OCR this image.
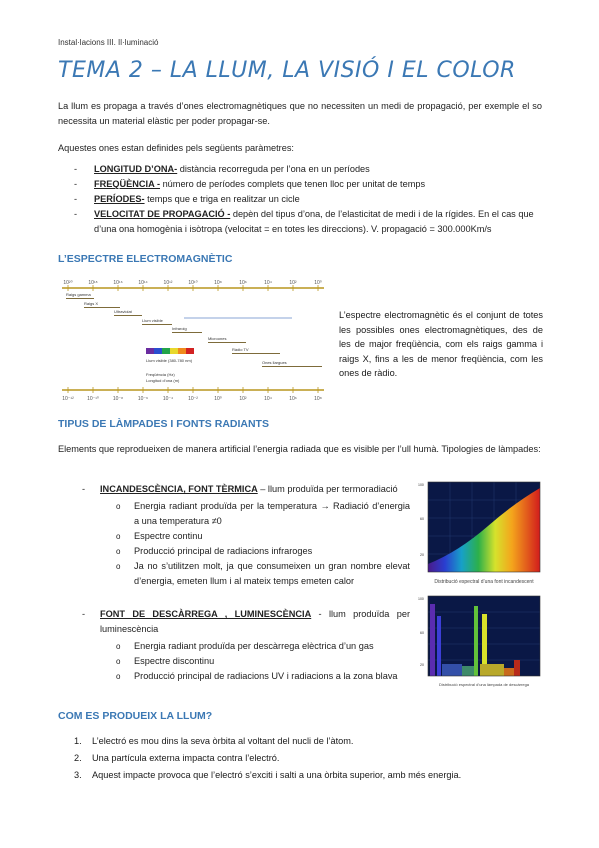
Instal·lacions III. Il·luminació
TEMA 2 – LA LLUM, LA VISIÓ I EL COLOR
La llum es propaga a través d’ones electromagnètiques que no necessiten un medi de propagació, per exemple el so necessita un material elàstic per poder propagar-se.
Aquestes ones estan definides pels següents paràmetres:
- LONGITUD D’ONA- distància recorreguda per l’ona en un períodes
- FREQÜÈNCIA - número de períodes complets que tenen lloc per unitat de temps
- PERÍODES- temps que e triga en realitzar un cicle
- VELOCITAT DE PROPAGACIÓ - depèn del tipus d’ona, de l’elasticitat de medi i de la rígides. En el cas que d’una ona homogènia i isòtropa (velocitat = en totes les direccions). V. propagació = 300.000Km/s
L’ESPECTRE ELECTROMAGNÈTIC
10²⁰	10¹⁸	10¹⁶	10¹⁴	10¹²	10¹⁰	10⁸	10⁶	10⁴	10²	10⁰
10⁻¹²	10⁻¹⁰	10⁻⁸	10⁻⁶	10⁻⁴	10⁻²	10⁰	10²	10⁴	10⁶	10⁸
Raigs gamma
Raigs X
Ultraviolat
Llum visible
Infraroig
Microones
Ràdio TV
Ones llargues
Llum visible (380-780 nm)
Freqüència (Hz)
Longitud d’ona (m)
L’espectre electromagnètic és el conjunt de totes les possibles ones electromagnètiques, des de les de major freqüència, com els raigs gamma i raigs X, fins a les de menor freqüència, com les ones de ràdio.
TIPUS DE LÀMPADES I FONTS RADIANTS
Elements que reprodueixen de manera artificial l’energia radiada que es visible per l’ull humà. Tipologies de làmpades:
- INCANDESCÈNCIA, FONT TÈRMICA – llum produïda per termoradiació
o Energia radiant produïda per la temperatura → Radiació d’energia a una temperatura ≠0
o Espectre continu
o Producció principal de radiacions infraroges
o Ja no s’utilitzen molt, ja que consumeixen un gran nombre elevat d’energia, emeten llum i al mateix temps emeten calor
100
60
20
Distribució espectral d’una font incandescent
- FONT DE DESCÀRREGA , LUMINESCÈNCIA - llum produïda per luminescència
o Energia radiant produïda per descàrrega elèctrica d’un gas
o Espectre discontinu
o Producció principal de radiacions UV i radiacions a la zona blava
100
60
20
Distribució espectral d’una làmpada de descàrrega
COM ES PRODUEIX LA LLUM?
1. L’electró es mou dins la seva òrbita al voltant del nucli de l’àtom.
2. Una partícula externa impacta contra l’electró.
3. Aquest impacte provoca que l’electró s’exciti i salti a una òrbita superior, amb més energia.
